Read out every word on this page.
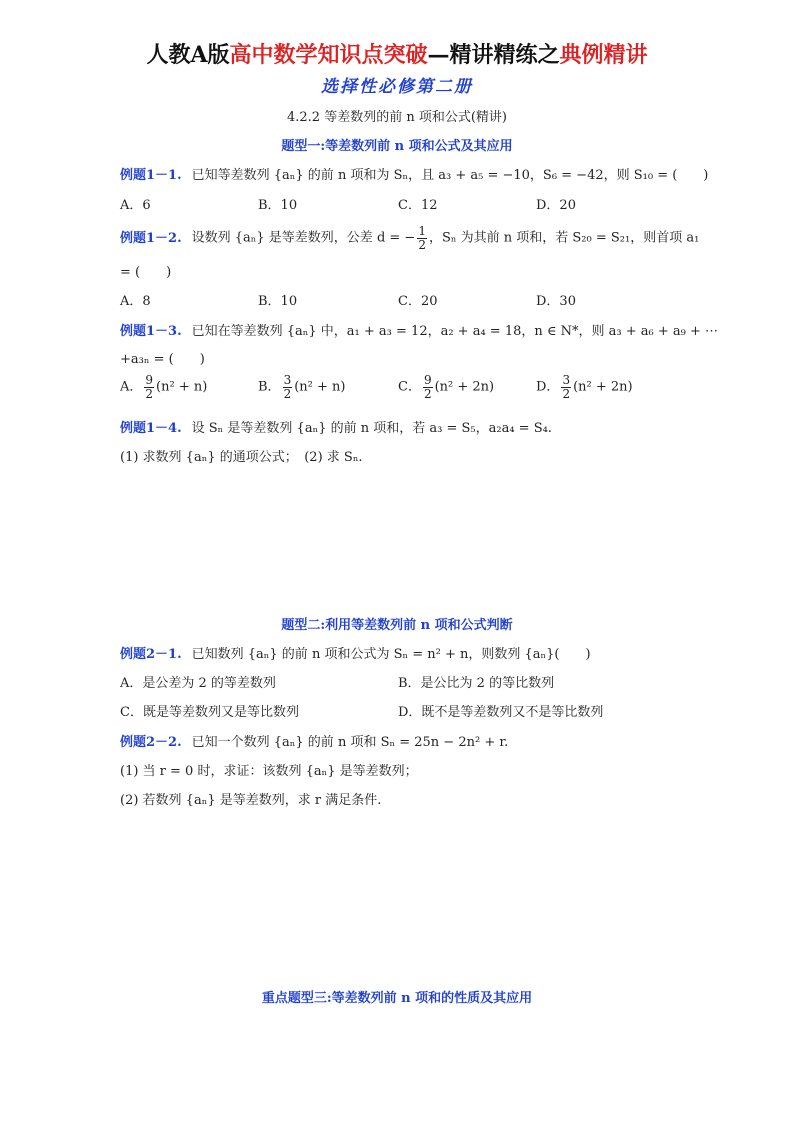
人教A版高中数学知识点突破—精讲精练之典例精讲
选择性必修第二册
4.2.2 等差数列的前 n 项和公式(精讲)
题型一:等差数列前 n 项和公式及其应用
例题1－1. 已知等差数列 {aₙ} 的前 n 项和为 Sₙ，且 a₃ + a₅ = −10，S₆ = −42，则 S₁₀ = (　　)
A．6	B．10	C．12	D．20
例题1－2. 设数列 {aₙ} 是等差数列，公差 d = − $\frac{1}{2}$ ，Sₙ 为其前 n 项和，若 S₂₀ = S₂₁，则首项 a₁
= (　　)
A．8	B．10	C．20	D．30
例题1－3. 已知在等差数列 {aₙ} 中，a₁ + a₃ = 12，a₂ + a₄ = 18，n ∈ N*，则 a₃ + a₆ + a₉ + ⋯
+a₃ₙ = (　　)
A． $\frac{9}{2} (n^2 + n)$	B． $\frac{3}{2} (n^2 + n)$	C． $\frac{9}{2} (n^2 + 2n)$	D． $\frac{3}{2} (n^2 + 2n)$
例题1－4. 设 Sₙ 是等差数列 {aₙ} 的前 n 项和，若 a₃ = S₅，a₂a₄ = S₄.
(1) 求数列 {aₙ} 的通项公式；　(2) 求 Sₙ.
题型二:利用等差数列前 n 项和公式判断
例题2－1. 已知数列 {aₙ} 的前 n 项和公式为 Sₙ = n² + n，则数列 {aₙ}(　　)
A．是公差为 2 的等差数列	B．是公比为 2 的等比数列
C．既是等差数列又是等比数列	D．既不是等差数列又不是等比数列
例题2－2. 已知一个数列 {aₙ} 的前 n 项和 Sₙ = 25n − 2n² + r.
(1) 当 r = 0 时，求证：该数列 {aₙ} 是等差数列；
(2) 若数列 {aₙ} 是等差数列，求 r 满足条件.
重点题型三:等差数列前 n 项和的性质及其应用
